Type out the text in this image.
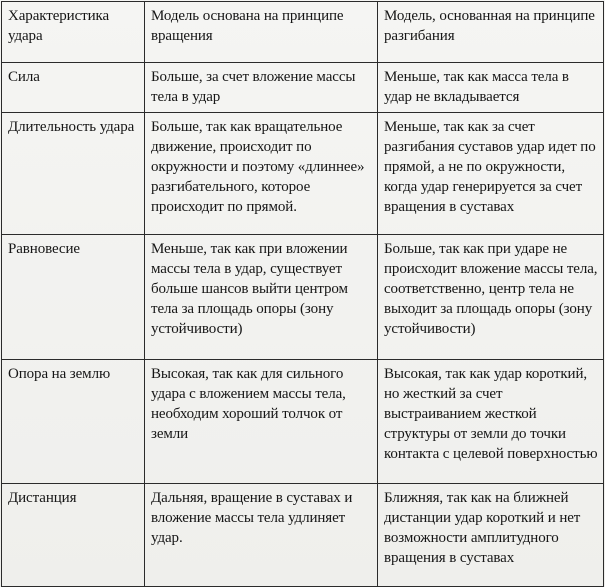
Характеристика удара	Модель основана на принципе вращения	Модель, основанная на принципе разгибания
Сила	Больше, за счет вложение массы тела в удар	Меньше, так как масса тела в удар не вкладывается
Длительность удара	Больше, так как вращательное движение, происходит по окружности и поэтому «длиннее» разгибательного, которое происходит по прямой.	Меньше, так как за счет разгибания суставов удар идет по прямой, а не по окружности, когда удар генерируется за счет вращения в суставах
Равновесие	Меньше, так как при вложении массы тела в удар, существует больше шансов выйти центром тела за площадь опоры (зону устойчивости)	Больше, так как при ударе не происходит вложение массы тела, соответственно, центр тела не выходит за площадь опоры (зону устойчивости)
Опора на землю	Высокая, так как для сильного удара с вложением массы тела, необходим хороший толчок от земли	Высокая, так как удар короткий, но жесткий за счет выстраиванием жесткой структуры от земли до точки контакта с целевой поверхностью
Дистанция	Дальняя, вращение в суставах и вложение массы тела удлиняет удар.	Ближняя, так как на ближней дистанции удар короткий и нет возможности амплитудного вращения в суставах
